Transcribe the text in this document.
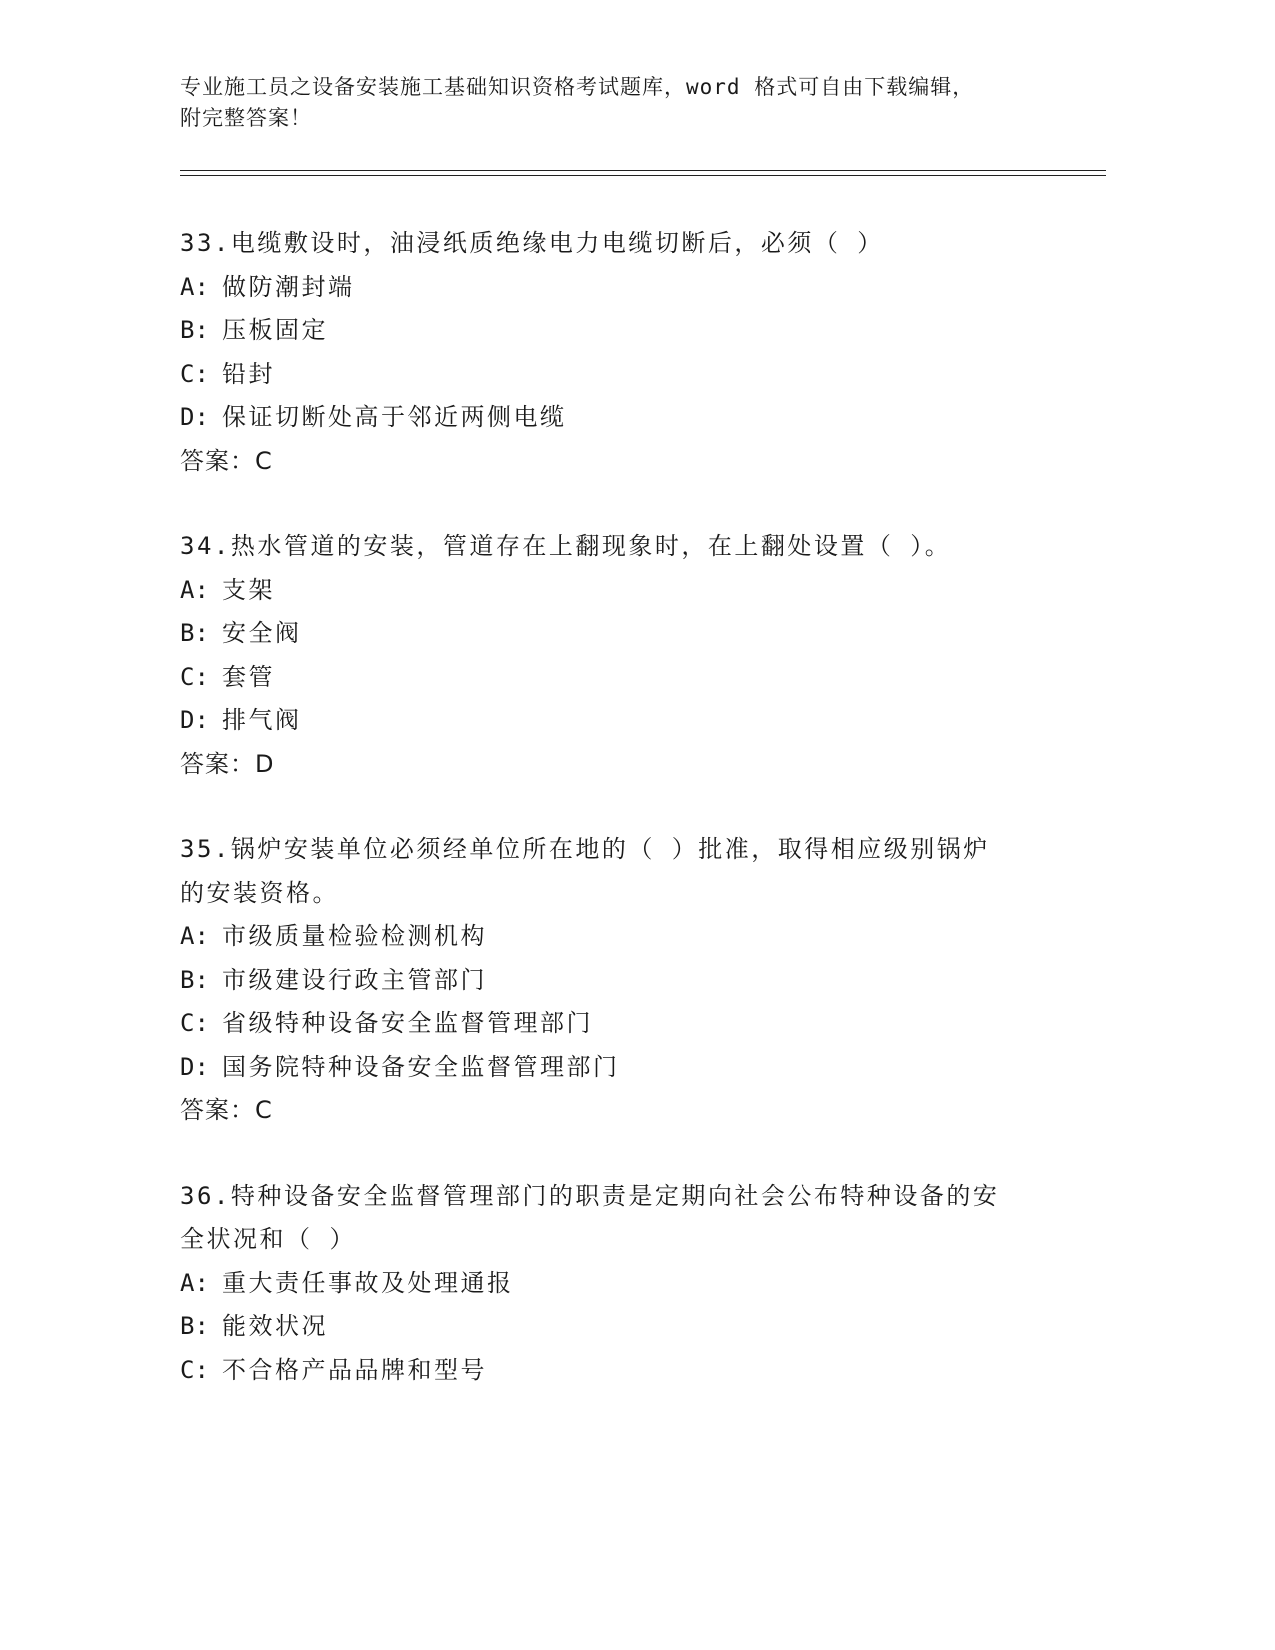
专业施工员之设备安装施工基础知识资格考试题库，word 格式可自由下载编辑，
附完整答案！
33.电缆敷设时，油浸纸质绝缘电力电缆切断后，必须（ ）
A: 做防潮封端
B: 压板固定
C: 铅封
D: 保证切断处高于邻近两侧电缆
答案：C
34.热水管道的安装，管道存在上翻现象时，在上翻处设置（ ）。
A: 支架
B: 安全阀
C: 套管
D: 排气阀
答案：D
35.锅炉安装单位必须经单位所在地的（ ）批准，取得相应级别锅炉
的安装资格。
A: 市级质量检验检测机构
B: 市级建设行政主管部门
C: 省级特种设备安全监督管理部门
D: 国务院特种设备安全监督管理部门
答案：C
36.特种设备安全监督管理部门的职责是定期向社会公布特种设备的安
全状况和（ ）
A: 重大责任事故及处理通报
B: 能效状况
C: 不合格产品品牌和型号
